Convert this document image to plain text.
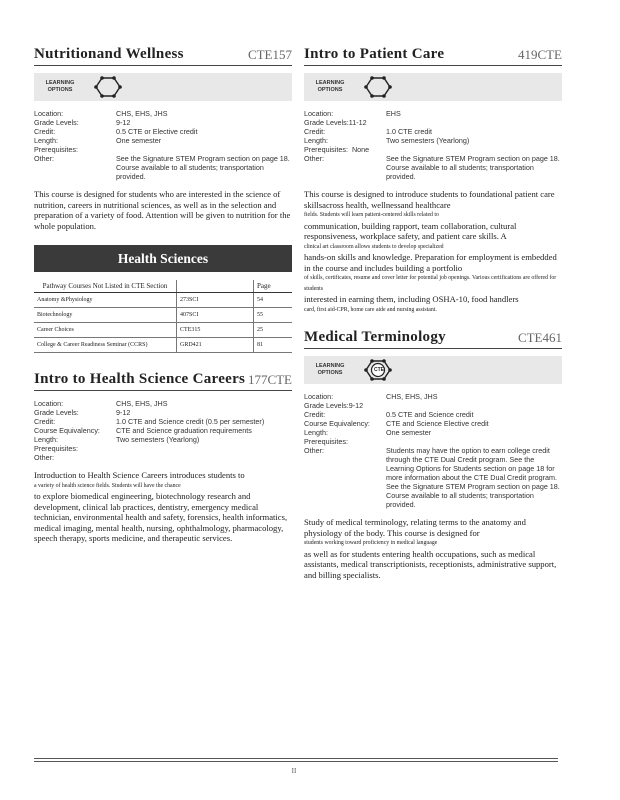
Nutritionand Wellness	CTE157
LEARNING OPTIONS
Location:	CHS, EHS, JHS
Grade Levels:	9-12
Credit:	0.5 CTE or Elective credit
Length:	One semester
Prerequisites:
Other:	See the Signature STEM Program section on page 18. Course available to all students; transportation provided.
This course is designed for students who are interested in the science of nutrition, careers in nutritional sciences, as well as in the selection and preparation of a variety of food. Attention will be given to nutrition for the whole population.
Health Sciences
Pathway Courses Not Listed in CTE Section		Page
Anatomy &Physiology	273SCI	54
Biotechnology	407SCI	55
Career Choices	CTE315	25
College & Career Readiness Seminar (CCRS)	GRD421	81
Intro to Health Science Careers 177CTE
Location:	CHS, EHS, JHS
Grade Levels:	9-12
Credit:	1.0 CTE and Science credit (0.5 per semester)
Course Equivalency:	CTE and Science graduation requirements
Length:	Two semesters (Yearlong)
Prerequisites:
Other:
Introduction to Health Science Careers introduces students to
a variety of health science fields. Students will have the chance
to explore biomedical engineering, biotechnology research and development, clinical lab practices, dentistry, emergency medical technician, environmental health and safety, forensics, health informatics, medical imaging, mental health, nursing, ophthalmology, pharmacology, speech therapy, sports medicine, and therapeutic services.
Intro to Patient Care	419CTE
LEARNING OPTIONS
Location:	EHS
Grade Levels: 11-12
Credit:	1.0 CTE credit
Length:	Two semesters (Yearlong)
Prerequisites: None
Other:	See the Signature STEM Program section on page 18. Course available to all students; transportation provided.
This course is designed to introduce students to foundational patient care skillsacross health, wellnessand healthcare
fields. Students will learn patient-centered skills related to
communication, building rapport, team collaboration, cultural responsiveness, workplace safety, and patient care skills. A
clinical art classroom allows students to develop specialized
hands-on skills and knowledge. Preparation for employment is embedded in the course and includes building a portfolio
of skills, certificates, resume and cover letter for potential job openings. Various certifications are offered for students
interested in earning them, including OSHA-10, food handlers
card, first aid-CPR, home care aide and nursing assistant.
Medical Terminology	CTE461
LEARNING OPTIONS	CTE
Location:	CHS, EHS, JHS
Grade Levels: 9-12
Credit:	0.5 CTE and Science credit
Course Equivalency:	CTE and Science Elective credit
Length:	One semester
Prerequisites:
Other:	Students may have the option to earn college credit through the CTE Dual Credit program. See the Learning Options for Students section on page 18 for more information about the CTE Dual Credit program.
See the Signature STEM Program section on page 18. Course available to all students; transportation provided.
Study of medical terminology, relating terms to the anatomy and physiology of the body. This course is designed for
students working toward proficiency in medical language
as well as for students entering health occupations, such as medical assistants, medical transcriptionists, receptionists, administrative support, and billing specialists.
II
